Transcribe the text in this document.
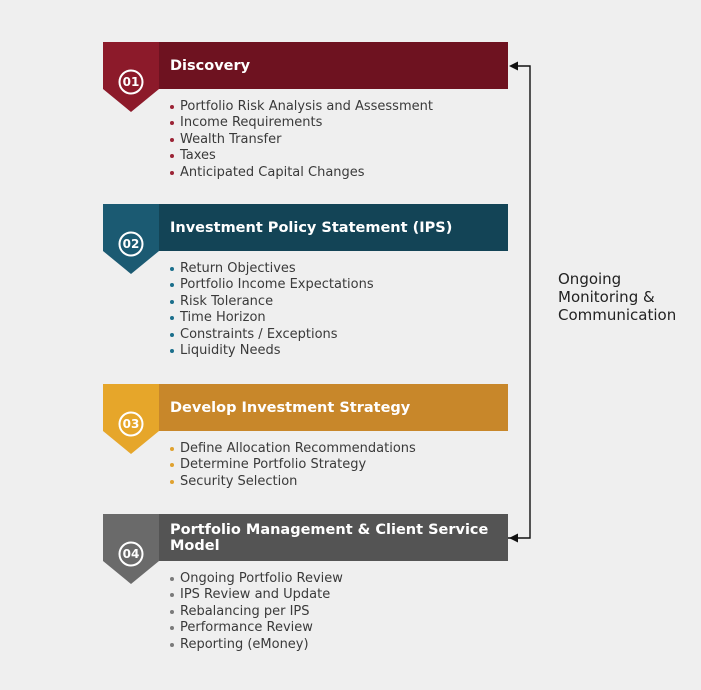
Discovery
01
Portfolio Risk Analysis and Assessment
Income Requirements
Wealth Transfer
Taxes
Anticipated Capital Changes
Investment Policy Statement (IPS)
02
Return Objectives
Portfolio Income Expectations
Risk Tolerance
Time Horizon
Constraints / Exceptions
Liquidity Needs
Develop Investment Strategy
03
Define Allocation Recommendations
Determine Portfolio Strategy
Security Selection
Portfolio Management & Client Service Model
04
Ongoing Portfolio Review
IPS Review and Update
Rebalancing per IPS
Performance Review
Reporting (eMoney)
Ongoing
Monitoring &
Communication
